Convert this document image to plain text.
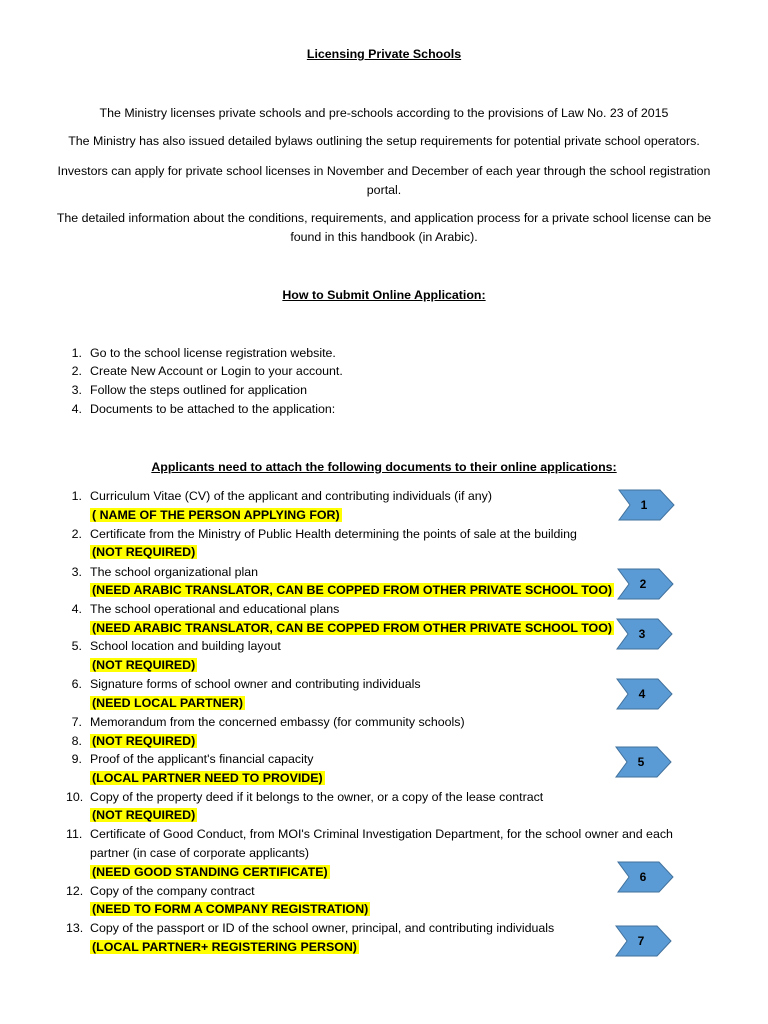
Licensing Private Schools
The Ministry licenses private schools and pre-schools according to the provisions of Law No. 23 of 2015
The Ministry has also issued detailed bylaws outlining the setup requirements for potential private school operators.
Investors can apply for private school licenses in November and December of each year through the school registration portal.
The detailed information about the conditions, requirements, and application process for a private school license can be found in this handbook (in Arabic).
How to Submit Online Application:
1. Go to the school license registration website.
2. Create New Account or Login to your account.
3. Follow the steps outlined for application
4. Documents to be attached to the application:
Applicants need to attach the following documents to their online applications:
1. Curriculum Vitae (CV) of the applicant and contributing individuals (if any)
( NAME OF THE PERSON APPLYING FOR)
2. Certificate from the Ministry of Public Health determining the points of sale at the building
(NOT REQUIRED)
3. The school organizational plan
(NEED ARABIC TRANSLATOR, CAN BE COPPED FROM OTHER PRIVATE SCHOOL TOO)
4. The school operational and educational plans
(NEED ARABIC TRANSLATOR, CAN BE COPPED FROM OTHER PRIVATE SCHOOL TOO)
5. School location and building layout
(NOT REQUIRED)
6. Signature forms of school owner and contributing individuals
(NEED LOCAL PARTNER)
7. Memorandum from the concerned embassy (for community schools)
8. (NOT REQUIRED)
9. Proof of the applicant's financial capacity
(LOCAL PARTNER NEED TO PROVIDE)
10. Copy of the property deed if it belongs to the owner, or a copy of the lease contract
(NOT REQUIRED)
11. Certificate of Good Conduct, from MOI's Criminal Investigation Department, for the school owner and each
partner (in case of corporate applicants)
(NEED GOOD STANDING CERTIFICATE)
12. Copy of the company contract
(NEED TO FORM A COMPANY REGISTRATION)
13. Copy of the passport or ID of the school owner, principal, and contributing individuals
(LOCAL PARTNER+ REGISTERING PERSON)
1
2
3
4
5
6
7
